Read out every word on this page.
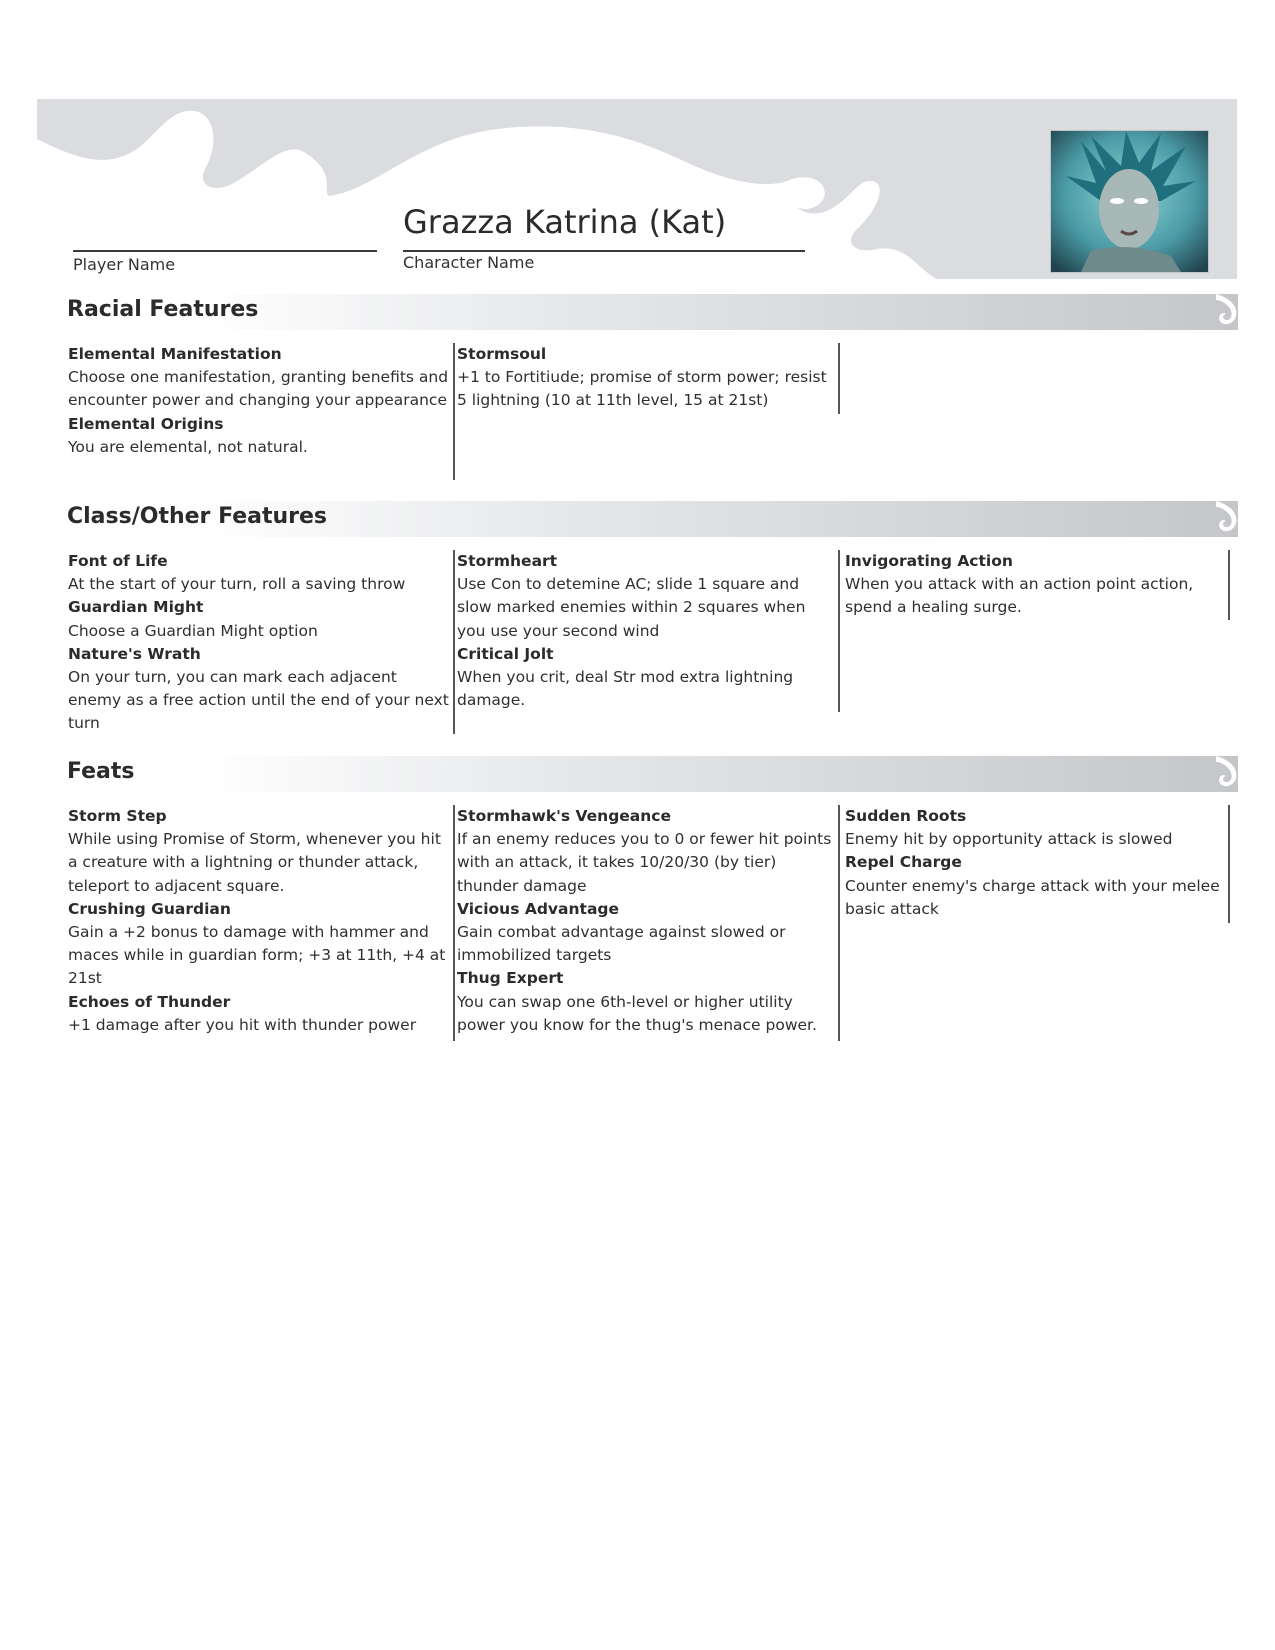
Grazza Katrina (Kat)
Player Name	Character Name
Racial Features
Elemental Manifestation
Choose one manifestation, granting benefits and encounter power and changing your appearance
Elemental Origins
You are elemental, not natural.
Stormsoul
+1 to Fortitiude; promise of storm power; resist 5 lightning (10 at 11th level, 15 at 21st)
Class/Other Features
Font of Life
At the start of your turn, roll a saving throw
Guardian Might
Choose a Guardian Might option
Nature's Wrath
On your turn, you can mark each adjacent enemy as a free action until the end of your next turn
Stormheart
Use Con to detemine AC; slide 1 square and slow marked enemies within 2 squares when you use your second wind
Critical Jolt
When you crit, deal Str mod extra lightning damage.
Invigorating Action
When you attack with an action point action, spend a healing surge.
Feats
Storm Step
While using Promise of Storm, whenever you hit a creature with a lightning or thunder attack, teleport to adjacent square.
Crushing Guardian
Gain a +2 bonus to damage with hammer and maces while in guardian form; +3 at 11th, +4 at 21st
Echoes of Thunder
+1 damage after you hit with thunder power
Stormhawk's Vengeance
If an enemy reduces you to 0 or fewer hit points with an attack, it takes 10/20/30 (by tier) thunder damage
Vicious Advantage
Gain combat advantage against slowed or immobilized targets
Thug Expert
You can swap one 6th-level or higher utility power you know for the thug's menace power.
Sudden Roots
Enemy hit by opportunity attack is slowed
Repel Charge
Counter enemy's charge attack with your melee basic attack
